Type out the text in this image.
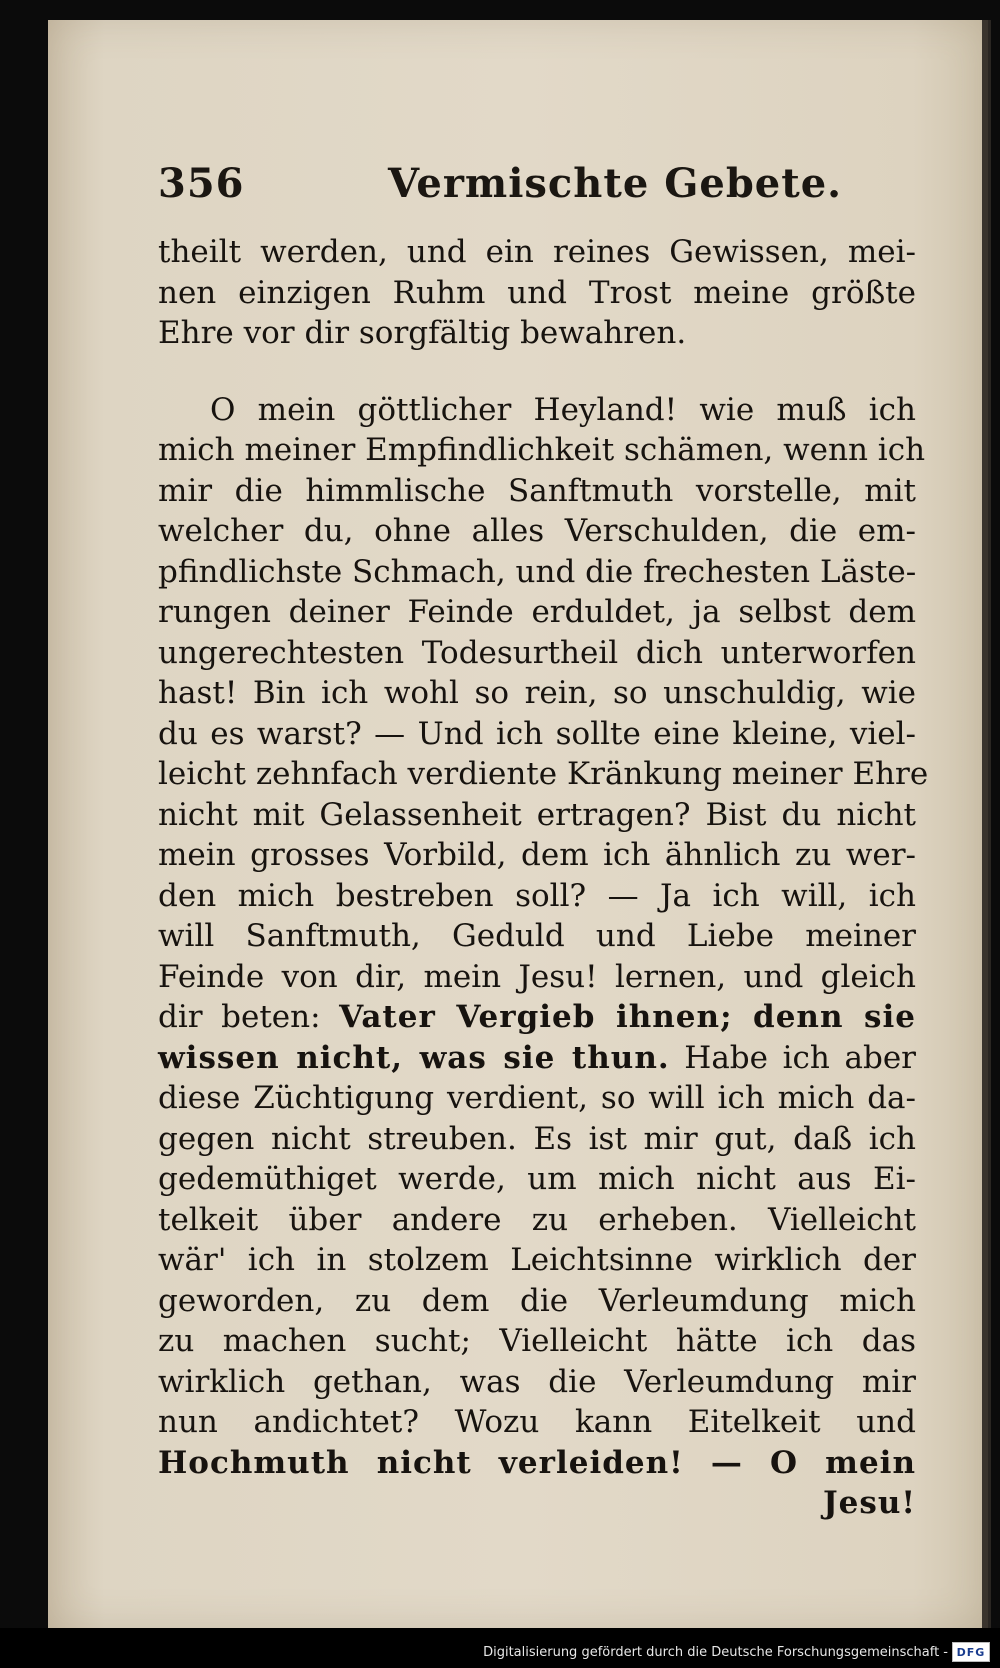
356	Vermischte Gebete.
theilt werden, und ein reines Gewissen, mei-
nen einzigen Ruhm und Trost meine größte
Ehre vor dir sorgfältig bewahren.
O mein göttlicher Heyland! wie muß ich
mich meiner Empfindlichkeit schämen, wenn ich
mir die himmlische Sanftmuth vorstelle, mit
welcher du, ohne alles Verschulden, die em-
pfindlichste Schmach, und die frechesten Läste-
rungen deiner Feinde erduldet, ja selbst dem
ungerechtesten Todesurtheil dich unterworfen
hast! Bin ich wohl so rein, so unschuldig, wie
du es warst? — Und ich sollte eine kleine, viel-
leicht zehnfach verdiente Kränkung meiner Ehre
nicht mit Gelassenheit ertragen? Bist du nicht
mein grosses Vorbild, dem ich ähnlich zu wer-
den mich bestreben soll? — Ja ich will, ich
will Sanftmuth, Geduld und Liebe meiner
Feinde von dir, mein Jesu! lernen, und gleich
dir beten: Vater Vergieb ihnen; denn sie
wissen nicht, was sie thun. Habe ich aber
diese Züchtigung verdient, so will ich mich da-
gegen nicht streuben. Es ist mir gut, daß ich
gedemüthiget werde, um mich nicht aus Ei-
telkeit über andere zu erheben. Vielleicht
wär' ich in stolzem Leichtsinne wirklich der
geworden, zu dem die Verleumdung mich
zu machen sucht; Vielleicht hätte ich das
wirklich gethan, was die Verleumdung mir
nun andichtet? Wozu kann Eitelkeit und
Hochmuth nicht verleiden! — O mein
Jesu!
Digitalisierung gefördert durch die Deutsche Forschungsgemeinschaft - DFG
